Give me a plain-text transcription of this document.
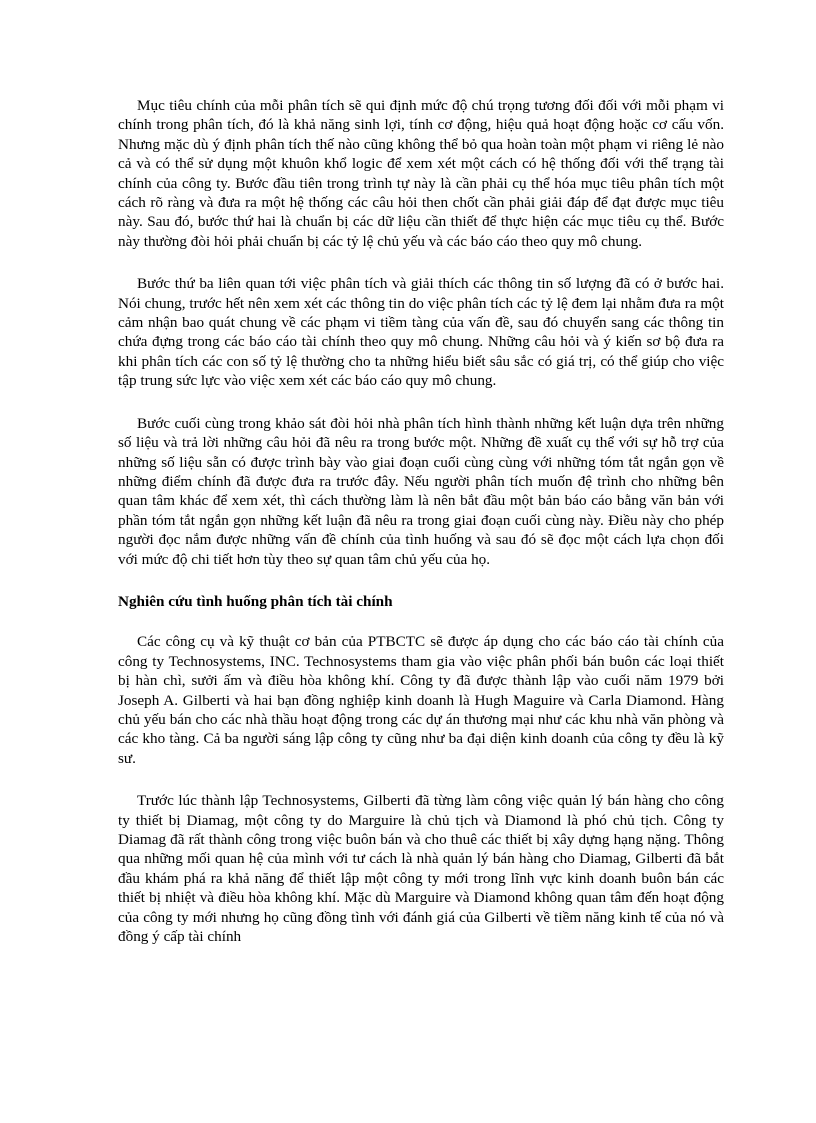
Mục tiêu chính của mỗi phân tích sẽ qui định mức độ chú trọng tương đối đối với mỗi phạm vi chính trong phân tích, đó là khả năng sinh lợi, tính cơ động, hiệu quả hoạt động hoặc cơ cấu vốn. Nhưng mặc dù ý định phân tích thế nào cũng không thể bỏ qua hoàn toàn một phạm vi riêng lẻ nào cả và có thể sử dụng một khuôn khổ logic để xem xét một cách có hệ thống đối với thể trạng tài chính của công ty. Bước đầu tiên trong trình tự này là cần phải cụ thể hóa mục tiêu phân tích một cách rõ ràng và đưa ra một hệ thống các câu hỏi then chốt cần phải giải đáp để đạt được mục tiêu này. Sau đó, bước thứ hai là chuẩn bị các dữ liệu cần thiết để thực hiện các mục tiêu cụ thể. Bước này thường đòi hỏi phải chuẩn bị các tỷ lệ chủ yếu và các báo cáo theo quy mô chung.

Bước thứ ba liên quan tới việc phân tích và giải thích các thông tin số lượng đã có ở bước hai. Nói chung, trước hết nên xem xét các thông tin do việc phân tích các tỷ lệ đem lại nhằm đưa ra một cảm nhận bao quát chung về các phạm vi tiềm tàng của vấn đề, sau đó chuyển sang các thông tin chứa đựng trong các báo cáo tài chính theo quy mô chung. Những câu hỏi và ý kiến sơ bộ đưa ra khi phân tích các con số tỷ lệ thường cho ta những hiểu biết sâu sắc có giá trị, có thể giúp cho việc tập trung sức lực vào việc xem xét các báo cáo quy mô chung.

Bước cuối cùng trong khảo sát đòi hỏi nhà phân tích hình thành những kết luận dựa trên những số liệu và trả lời những câu hỏi đã nêu ra trong bước một. Những đề xuất cụ thể với sự hỗ trợ của những số liệu sẵn có được trình bày vào giai đoạn cuối cùng cùng với những tóm tắt ngắn gọn về những điểm chính đã được đưa ra trước đây. Nếu người phân tích muốn đệ trình cho những bên quan tâm khác để xem xét, thì cách thường làm là nên bắt đầu một bản báo cáo bằng văn bản với phần tóm tắt ngắn gọn những kết luận đã nêu ra trong giai đoạn cuối cùng này. Điều này cho phép người đọc nắm được những vấn đề chính của tình huống và sau đó sẽ đọc một cách lựa chọn đối với mức độ chi tiết hơn tùy theo sự quan tâm chủ yếu của họ.

Nghiên cứu tình huống phân tích tài chính

Các công cụ và kỹ thuật cơ bản của PTBCTC sẽ được áp dụng cho các báo cáo tài chính của công ty Technosystems, INC. Technosystems tham gia vào việc phân phối bán buôn các loại thiết bị hàn chì, sưởi ấm và điều hòa không khí. Công ty đã được thành lập vào cuối năm 1979 bởi Joseph A. Gilberti và hai bạn đồng nghiệp kinh doanh là Hugh Maguire và Carla Diamond. Hàng chủ yếu bán cho các nhà thầu hoạt động trong các dự án thương mại như các khu nhà văn phòng và các kho tàng. Cả ba người sáng lập công ty cũng như ba đại diện kinh doanh của công ty đều là kỹ sư.

Trước lúc thành lập Technosystems, Gilberti đã từng làm công việc quản lý bán hàng cho công ty thiết bị Diamag, một công ty do Marguire là chủ tịch và Diamond là phó chủ tịch. Công ty Diamag đã rất thành công trong việc buôn bán và cho thuê các thiết bị xây dựng hạng nặng. Thông qua những mối quan hệ của mình với tư cách là nhà quản lý bán hàng cho Diamag, Gilberti đã bắt đầu khám phá ra khả năng để thiết lập một công ty mới trong lĩnh vực kinh doanh buôn bán các thiết bị nhiệt và điều hòa không khí. Mặc dù Marguire và Diamond không quan tâm đến hoạt động của công ty mới nhưng họ cũng đồng tình với đánh giá của Gilberti về tiềm năng kinh tế của nó và đồng ý cấp tài chính
